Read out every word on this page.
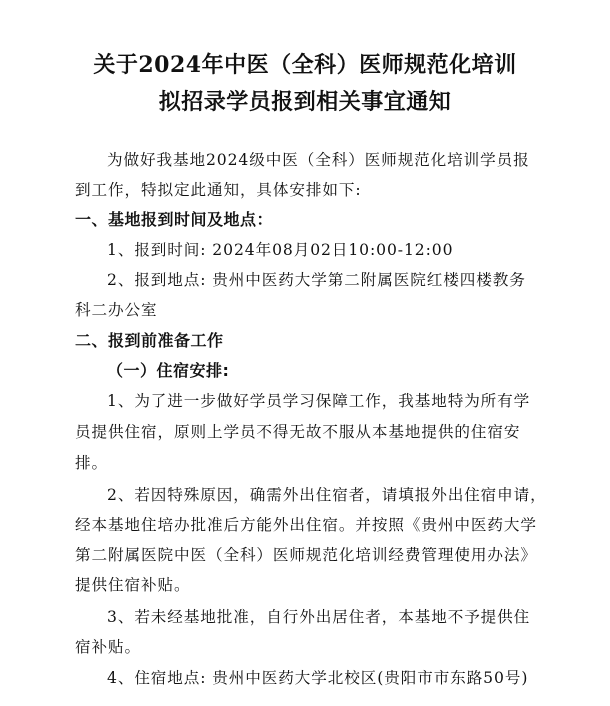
关于2024年中医（全科）医师规范化培训
拟招录学员报到相关事宜通知
为做好我基地2024级中医（全科）医师规范化培训学员报
到工作，特拟定此通知，具体安排如下:
一、基地报到时间及地点：
1、报到时间: 2024年08月02日10:00-12:00
2、报到地点: 贵州中医药大学第二附属医院红楼四楼教务
科二办公室
二、报到前准备工作
（一）住宿安排:
1、为了进一步做好学员学习保障工作，我基地特为所有学
员提供住宿，原则上学员不得无故不服从本基地提供的住宿安
排。
2、若因特殊原因，确需外出住宿者，请填报外出住宿申请，
经本基地住培办批准后方能外出住宿。并按照《贵州中医药大学
第二附属医院中医（全科）医师规范化培训经费管理使用办法》
提供住宿补贴。
3、若未经基地批准，自行外出居住者，本基地不予提供住
宿补贴。
4、住宿地点: 贵州中医药大学北校区(贵阳市市东路50号)
